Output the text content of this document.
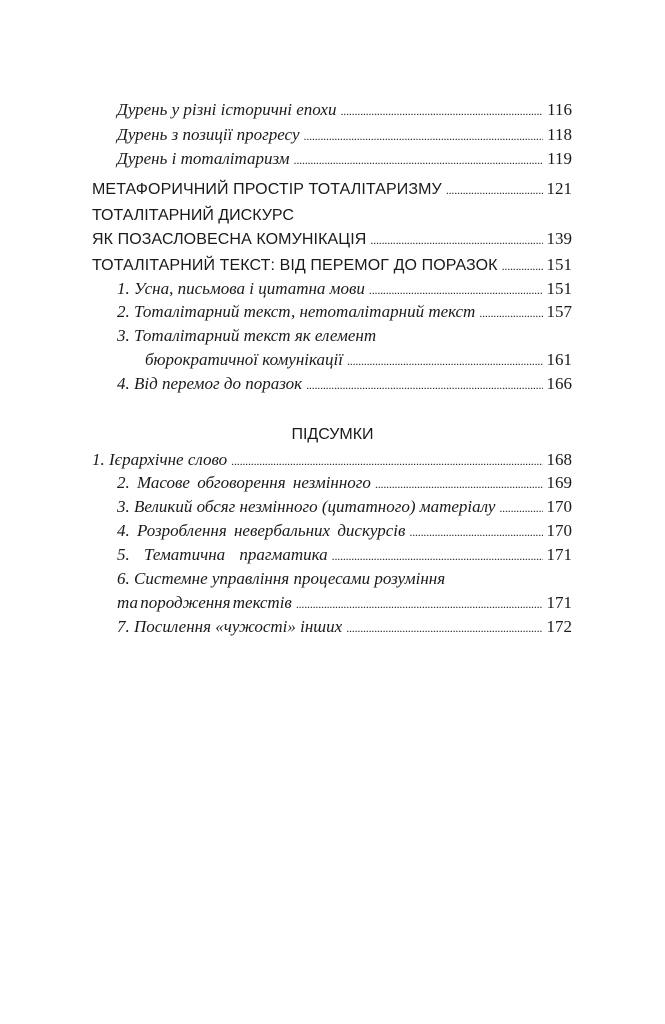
Дурень у різні історичні епохи . . .	116
Дурень з позиції прогресу . . .	118
Дурень і тоталітаризм . . .	119
МЕТАФОРИЧНИЙ ПРОСТІР ТОТАЛІТАРИЗМУ . . .	121
ТОТАЛІТАРНИЙ ДИСКУРС
ЯК ПОЗАСЛОВЕСНА КОМУНІКАЦІЯ . . .	139
ТОТАЛІТАРНИЙ ТЕКСТ: ВІД ПЕРЕМОГ ДО ПОРАЗОК . . .	151
1. Усна, письмова і цитатна мови . . .	151
2. Тоталітарний текст, нетоталітарний текст . . .	157
3. Тоталітарний текст як елемент
бюрократичної комунікації . . .	161
4. Від перемог до поразок . . .	166
ПІДСУМКИ
1. Ієрархічне слово . . .	168
2. Масове обговорення незмінного . . .	169
3. Великий обсяг незмінного (цитатного) матеріалу . . .	170
4. Розроблення невербальних дискурсів . . .	170
5. Тематична прагматика . . .	171
6. Системне управління процесами розуміння
та породження текстів . . .	171
7. Посилення «чужості» інших . . .	172
